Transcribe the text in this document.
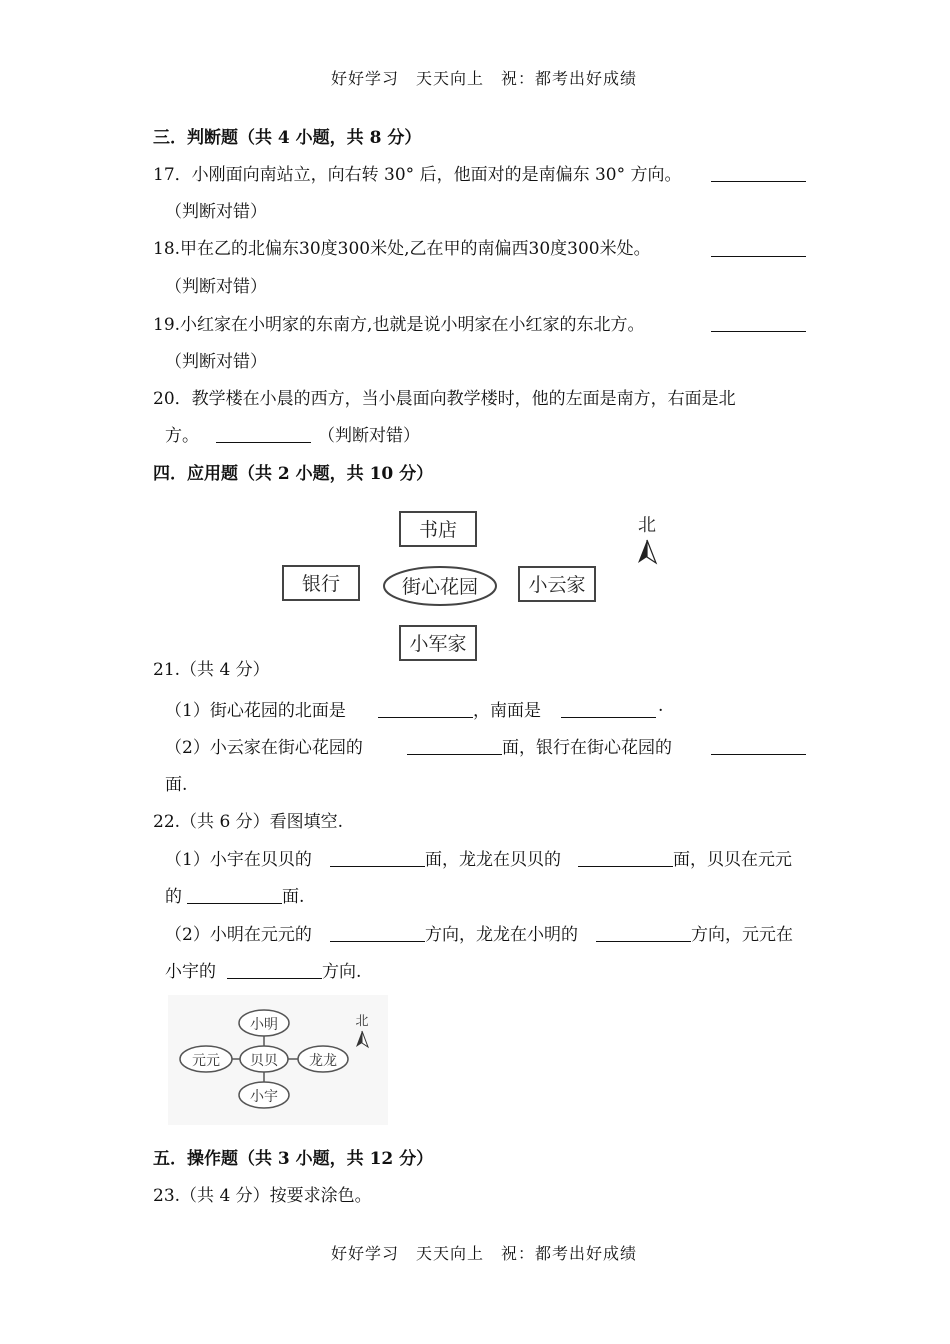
好好学习　天天向上　祝：都考出好成绩
三．判断题（共 4 小题，共 8 分）
17．小刚面向南站立，向右转 30° 后，他面对的是南偏东 30° 方向。
（判断对错）
18.甲在乙的北偏东30度300米处,乙在甲的南偏西30度300米处。
（判断对错）
19.小红家在小明家的东南方,也就是说小明家在小红家的东北方。
（判断对错）
20．教学楼在小晨的西方，当小晨面向教学楼时，他的左面是南方，右面是北
方。	（判断对错）
四．应用题（共 2 小题，共 10 分）
书店
银行	街心花园	小云家
小军家
北
21.（共 4 分）
（1）街心花园的北面是	，南面是	.
（2）小云家在街心花园的	面，银行在街心花园的
面.
22.（共 6 分）看图填空.
（1）小宇在贝贝的	面，龙龙在贝贝的	面，贝贝在元元
的	面.
（2）小明在元元的	方向，龙龙在小明的	方向，元元在
小宇的	方向.
小明
元元 贝贝 龙龙
小宇
北
五．操作题（共 3 小题，共 12 分）
23.（共 4 分）按要求涂色。
好好学习　天天向上　祝：都考出好成绩
